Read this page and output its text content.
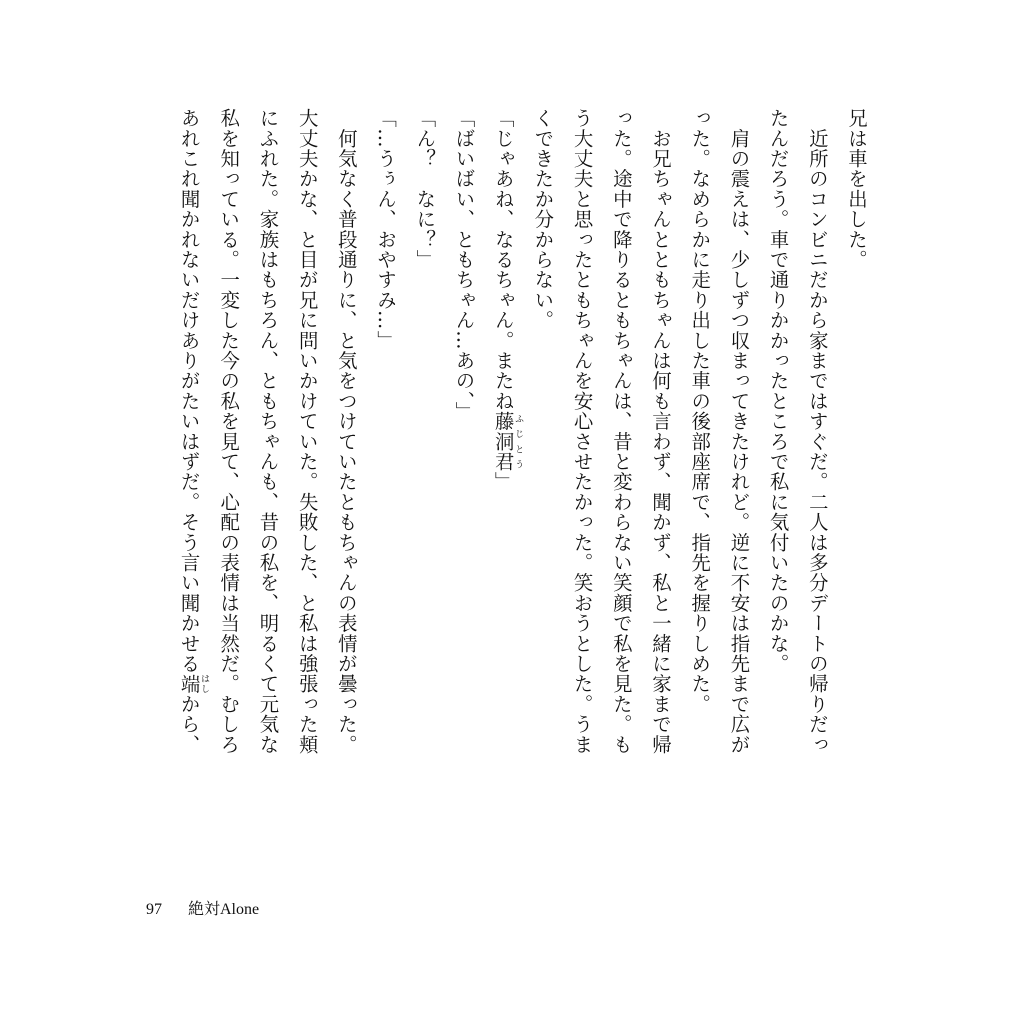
兄は車を出した。
　近所のコンビニだから家まではすぐだ。二人は多分デートの帰りだっ
たんだろう。車で通りかかったところで私に気付いたのかな。
　肩の震えは、少しずつ収まってきたけれど。逆に不安は指先まで広が
った。なめらかに走り出した車の後部座席で、指先を握りしめた。
　お兄ちゃんとともちゃんは何も言わず、聞かず、私と一緒に家まで帰
った。途中で降りるともちゃんは、昔と変わらない笑顔で私を見た。も
う大丈夫と思ったともちゃんを安心させたかった。笑おうとした。うま
くできたか分からない。
「じゃあね、なるちゃん。またね藤洞君ふじとう」
「ばいばい、ともちゃん…あの、」
「ん？　なに？」
「…うぅん、おやすみ…」
　何気なく普段通りに、と気をつけていたともちゃんの表情が曇った。
大丈夫かな、と目が兄に問いかけていた。失敗した、と私は強張った頬
にふれた。家族はもちろん、ともちゃんも、昔の私を、明るくて元気な
私を知っている。一変した今の私を見て、心配の表情は当然だ。むしろ
あれこれ聞かれないだけありがたいはずだ。そう言い聞かせる端はしから、
97 絶対Alone
